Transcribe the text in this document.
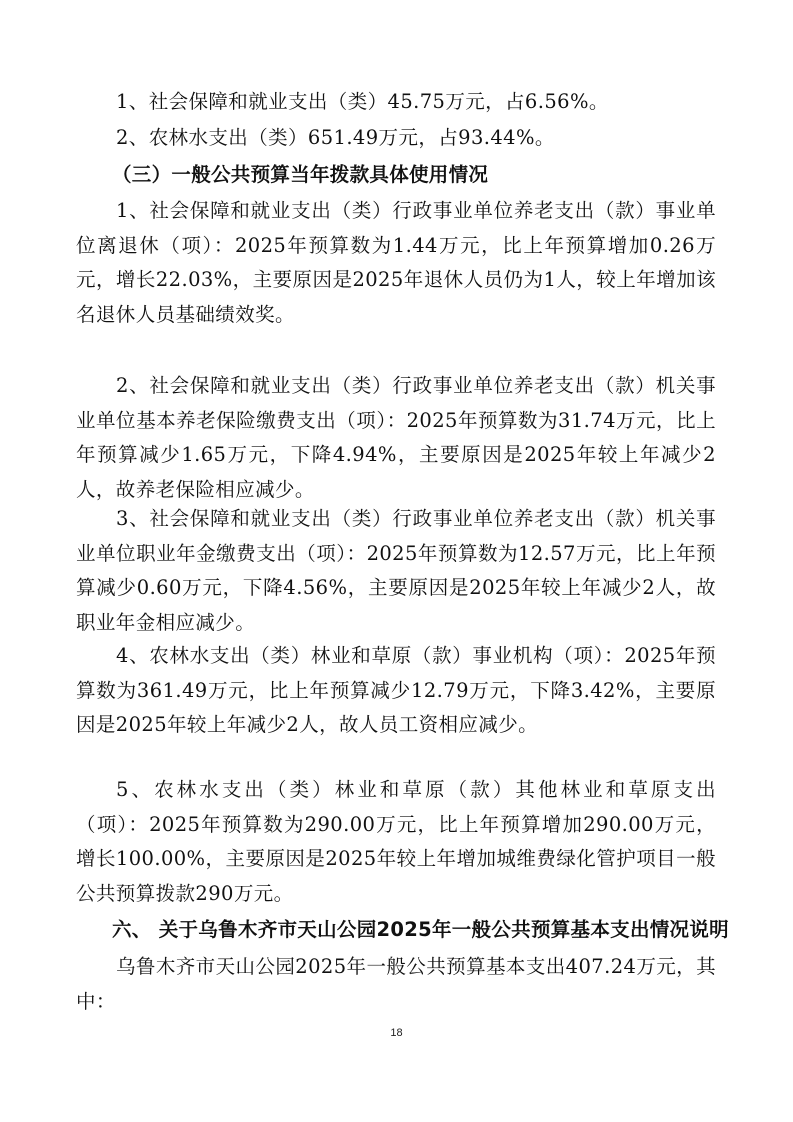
1、社会保障和就业支出（类）45.75万元，占6.56%。

2、农林水支出（类）651.49万元，占93.44%。

（三）一般公共预算当年拨款具体使用情况

1、社会保障和就业支出（类）行政事业单位养老支出（款）事业单位离退休（项）：2025年预算数为1.44万元，比上年预算增加0.26万元，增长22.03%，主要原因是2025年退休人员仍为1人，较上年增加该名退休人员基础绩效奖。

2、社会保障和就业支出（类）行政事业单位养老支出（款）机关事业单位基本养老保险缴费支出（项）：2025年预算数为31.74万元，比上年预算减少1.65万元，下降4.94%，主要原因是2025年较上年减少2人，故养老保险相应减少。

3、社会保障和就业支出（类）行政事业单位养老支出（款）机关事业单位职业年金缴费支出（项）：2025年预算数为12.57万元，比上年预算减少0.60万元，下降4.56%，主要原因是2025年较上年减少2人，故职业年金相应减少。

4、农林水支出（类）林业和草原（款）事业机构（项）：2025年预算数为361.49万元，比上年预算减少12.79万元，下降3.42%，主要原因是2025年较上年减少2人，故人员工资相应减少。

5、农林水支出（类）林业和草原（款）其他林业和草原支出（项）：2025年预算数为290.00万元，比上年预算增加290.00万元，增长100.00%，主要原因是2025年较上年增加城维费绿化管护项目一般公共预算拨款290万元。

六、 关于乌鲁木齐市天山公园2025年一般公共预算基本支出情况说明

乌鲁木齐市天山公园2025年一般公共预算基本支出407.24万元，其中：

18
